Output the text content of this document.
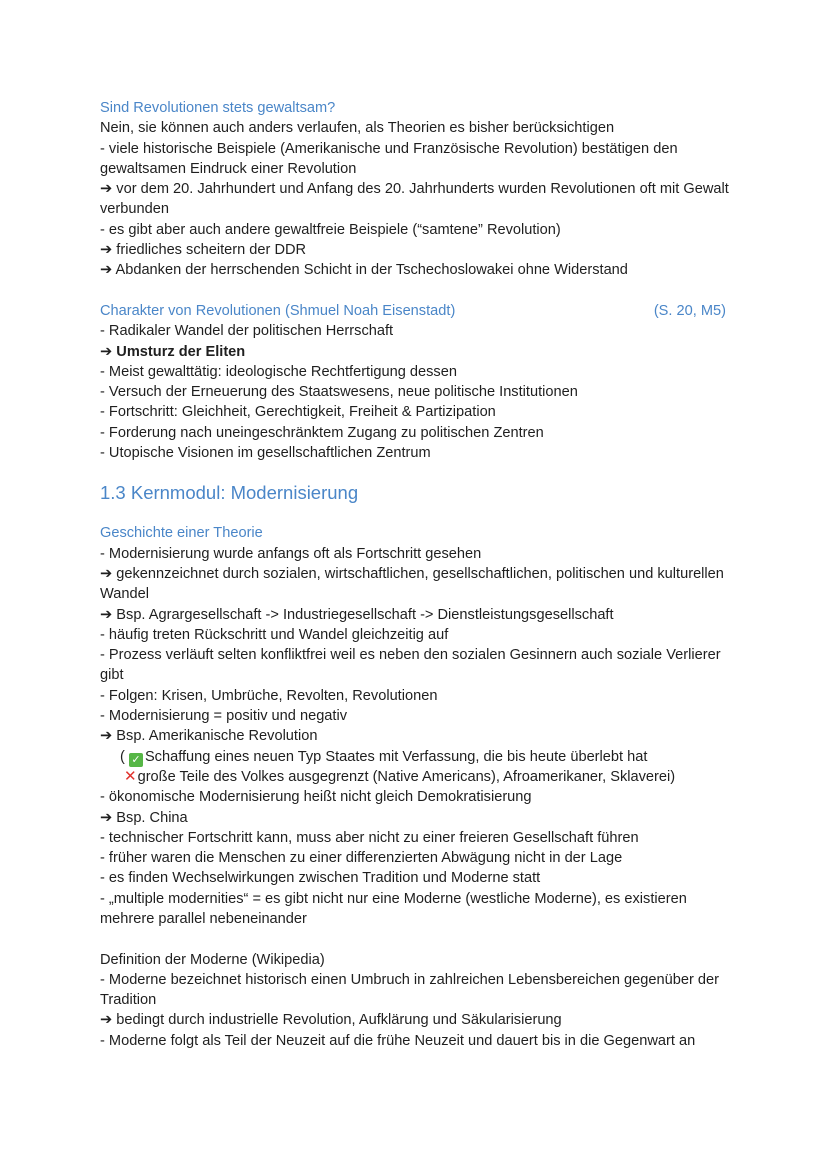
Sind Revolutionen stets gewaltsam?
Nein, sie können auch anders verlaufen, als Theorien es bisher berücksichtigen
- viele historische Beispiele (Amerikanische und Französische Revolution) bestätigen den gewaltsamen Eindruck einer Revolution
➔ vor dem 20. Jahrhundert und Anfang des 20. Jahrhunderts wurden Revolutionen oft mit Gewalt verbunden
- es gibt aber auch andere gewaltfreie Beispiele (“samtene” Revolution)
➔ friedliches scheitern der DDR
➔ Abdanken der herrschenden Schicht in der Tschechoslowakei ohne Widerstand
Charakter von Revolutionen (Shmuel Noah Eisenstadt)	(S. 20, M5)
- Radikaler Wandel der politischen Herrschaft
➔ Umsturz der Eliten
- Meist gewalttätig: ideologische Rechtfertigung dessen
- Versuch der Erneuerung des Staatswesens, neue politische Institutionen
- Fortschritt: Gleichheit, Gerechtigkeit, Freiheit & Partizipation
- Forderung nach uneingeschränktem Zugang zu politischen Zentren
- Utopische Visionen im gesellschaftlichen Zentrum
1.3 Kernmodul: Modernisierung
Geschichte einer Theorie
- Modernisierung wurde anfangs oft als Fortschritt gesehen
➔ gekennzeichnet durch sozialen, wirtschaftlichen, gesellschaftlichen, politischen und kulturellen Wandel
➔ Bsp. Agrargesellschaft -> Industriegesellschaft -> Dienstleistungsgesellschaft
- häufig treten Rückschritt und Wandel gleichzeitig auf
- Prozess verläuft selten konfliktfrei weil es neben den sozialen Gesinnern auch soziale Verlierer gibt
- Folgen: Krisen, Umbrüche, Revolten, Revolutionen
- Modernisierung = positiv und negativ
➔ Bsp. Amerikanische Revolution
( ✓ Schaffung eines neuen Typ Staates mit Verfassung, die bis heute überlebt hat
✕große Teile des Volkes ausgegrenzt (Native Americans), Afroamerikaner, Sklaverei)
- ökonomische Modernisierung heißt nicht gleich Demokratisierung
➔ Bsp. China
- technischer Fortschritt kann, muss aber nicht zu einer freieren Gesellschaft führen
- früher waren die Menschen zu einer differenzierten Abwägung nicht in der Lage
- es finden Wechselwirkungen zwischen Tradition und Moderne statt
- „multiple modernities“ = es gibt nicht nur eine Moderne (westliche Moderne), es existieren mehrere parallel nebeneinander
Definition der Moderne (Wikipedia)
- Moderne bezeichnet historisch einen Umbruch in zahlreichen Lebensbereichen gegenüber der Tradition
➔ bedingt durch industrielle Revolution, Aufklärung und Säkularisierung
- Moderne folgt als Teil der Neuzeit auf die frühe Neuzeit und dauert bis in die Gegenwart an
